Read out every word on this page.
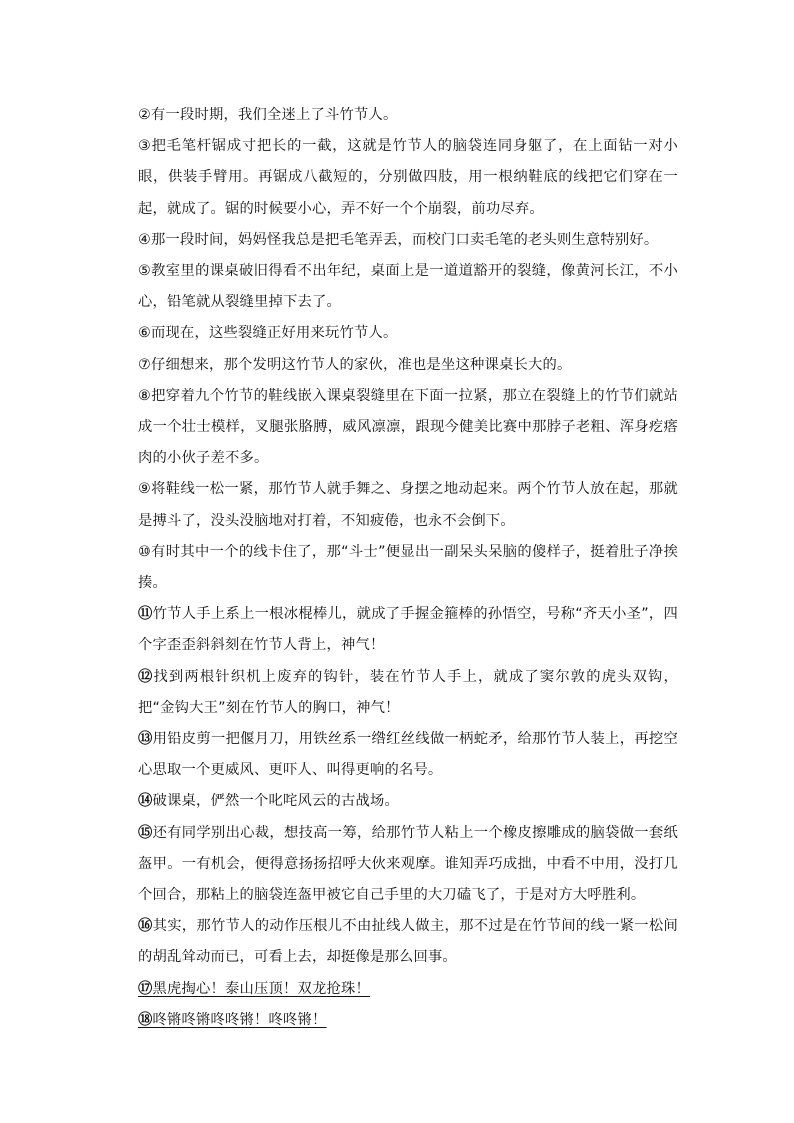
②有一段时期，我们全迷上了斗竹节人。

③把毛笔杆锯成寸把长的一截，这就是竹节人的脑袋连同身躯了，在上面钻一对小眼，供装手臂用。再锯成八截短的，分别做四肢，用一根纳鞋底的线把它们穿在一起，就成了。锯的时候要小心，弄不好一个个崩裂，前功尽弃。

④那一段时间，妈妈怪我总是把毛笔弄丢，而校门口卖毛笔的老头则生意特别好。

⑤教室里的课桌破旧得看不出年纪，桌面上是一道道豁开的裂缝，像黄河长江，不小心，铅笔就从裂缝里掉下去了。

⑥而现在，这些裂缝正好用来玩竹节人。

⑦仔细想来，那个发明这竹节人的家伙，准也是坐这种课桌长大的。

⑧把穿着九个竹节的鞋线嵌入课桌裂缝里在下面一拉紧，那立在裂缝上的竹节们就站成一个壮士模样，叉腿张胳膊，威风凛凛，跟现今健美比赛中那脖子老粗、浑身疙瘩肉的小伙子差不多。

⑨将鞋线一松一紧，那竹节人就手舞之、身摆之地动起来。两个竹节人放在起，那就是搏斗了，没头没脑地对打着，不知疲倦，也永不会倒下。

⑩有时其中一个的线卡住了，那“斗士”便显出一副呆头呆脑的傻样子，挺着肚子净挨揍。

⑪竹节人手上系上一根冰棍棒儿，就成了手握金箍棒的孙悟空，号称“齐天小圣”，四个字歪歪斜斜刻在竹节人背上，神气！

⑫找到两根针织机上废弃的钩针，装在竹节人手上，就成了窦尔敦的虎头双钩，把“金钩大王”刻在竹节人的胸口，神气！

⑬用铅皮剪一把偃月刀，用铁丝系一绺红丝线做一柄蛇矛，给那竹节人装上，再挖空心思取一个更威风、更吓人、叫得更响的名号。

⑭破课桌，俨然一个叱咤风云的古战场。

⑮还有同学别出心裁，想技高一筹，给那竹节人粘上一个橡皮擦雕成的脑袋做一套纸盔甲。一有机会，便得意扬扬招呼大伙来观摩。谁知弄巧成拙，中看不中用，没打几个回合，那粘上的脑袋连盔甲被它自己手里的大刀磕飞了，于是对方大呼胜利。

⑯其实，那竹节人的动作压根儿不由扯线人做主，那不过是在竹节间的线一紧一松间的胡乱耸动而已，可看上去，却挺像是那么回事。

⑰黑虎掏心！泰山压顶！双龙抢珠！

⑱咚锵咚锵咚咚锵！咚咚锵！
